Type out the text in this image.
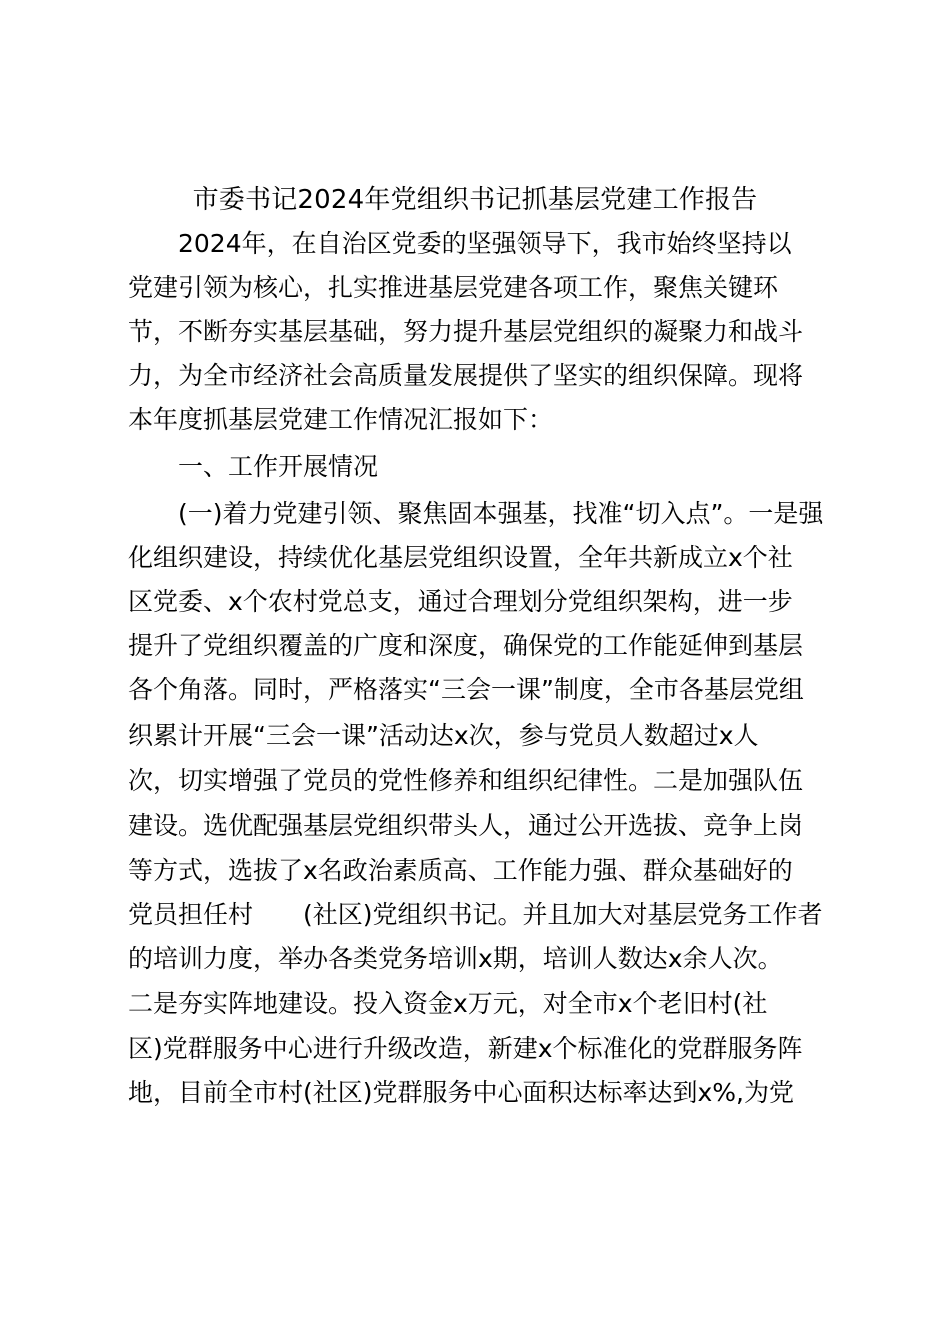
市委书记2024年党组织书记抓基层党建工作报告
2024年，在自治区党委的坚强领导下，我市始终坚持以
党建引领为核心，扎实推进基层党建各项工作，聚焦关键环
节，不断夯实基层基础，努力提升基层党组织的凝聚力和战斗
力，为全市经济社会高质量发展提供了坚实的组织保障。现将
本年度抓基层党建工作情况汇报如下：
一、工作开展情况
(一)着力党建引领、聚焦固本强基，找准“切入点”。一是强
化组织建设，持续优化基层党组织设置，全年共新成立x个社
区党委、x个农村党总支，通过合理划分党组织架构，进一步
提升了党组织覆盖的广度和深度，确保党的工作能延伸到基层
各个角落。同时，严格落实“三会一课”制度，全市各基层党组
织累计开展“三会一课”活动达x次，参与党员人数超过x人
次，切实增强了党员的党性修养和组织纪律性。二是加强队伍
建设。选优配强基层党组织带头人，通过公开选拔、竞争上岗
等方式，选拔了x名政治素质高、工作能力强、群众基础好的
党员担任村　　(社区)党组织书记。并且加大对基层党务工作者
的培训力度，举办各类党务培训x期，培训人数达x余人次。
二是夯实阵地建设。投入资金x万元，对全市x个老旧村(社
区)党群服务中心进行升级改造，新建x个标准化的党群服务阵
地，目前全市村(社区)党群服务中心面积达标率达到x%,为党
